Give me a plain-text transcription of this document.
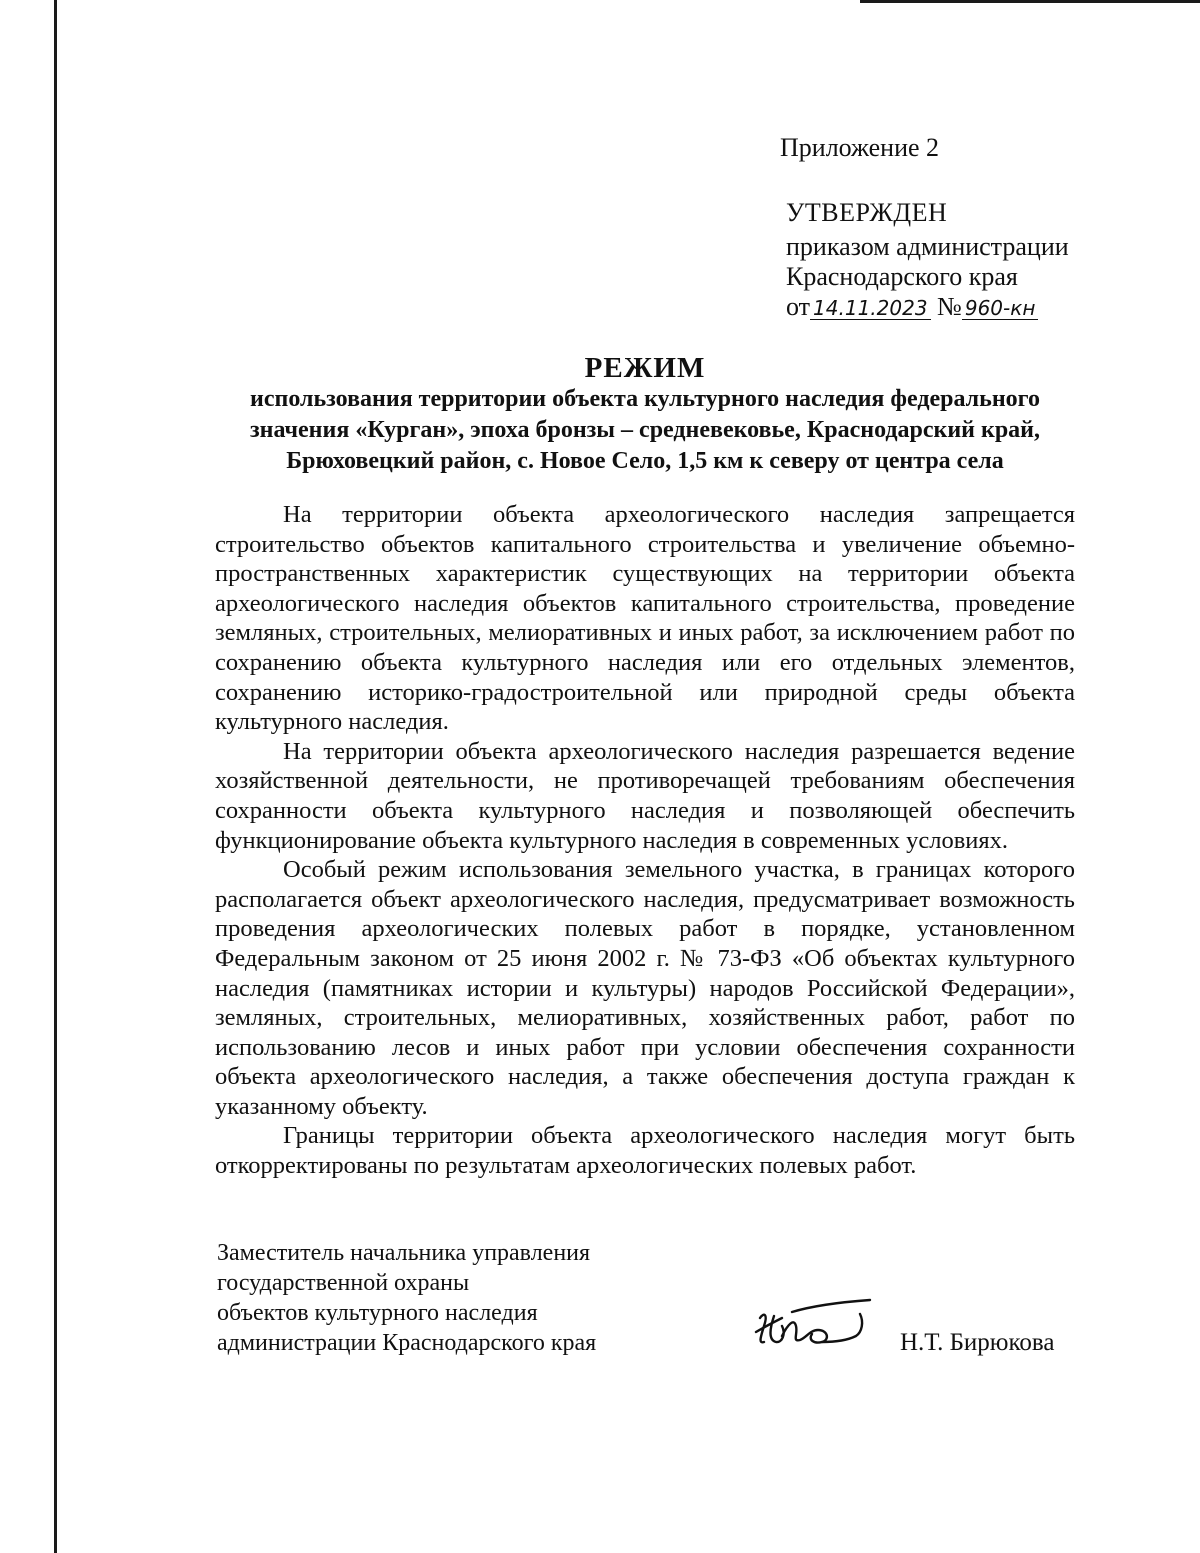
Приложение 2
УТВЕРЖДЕН
приказом администрации
Краснодарского края
от 14.11.2023 № 960-кн
РЕЖИМ
использования территории объекта культурного наследия федерального значения «Курган», эпоха бронзы – средневековье, Краснодарский край, Брюховецкий район, с. Новое Село, 1,5 км к северу от центра села

На территории объекта археологического наследия запрещается строительство объектов капитального строительства и увеличение объемно-пространственных характеристик существующих на территории объекта археологического наследия объектов капитального строительства, проведение земляных, строительных, мелиоративных и иных работ, за исключением работ по сохранению объекта культурного наследия или его отдельных элементов, сохранению историко-градостроительной или природной среды объекта культурного наследия.

На территории объекта археологического наследия разрешается ведение хозяйственной деятельности, не противоречащей требованиям обеспечения сохранности объекта культурного наследия и позволяющей обеспечить функционирование объекта культурного наследия в современных условиях.

Особый режим использования земельного участка, в границах которого располагается объект археологического наследия, предусматривает возможность проведения археологических полевых работ в порядке, установленном Федеральным законом от 25 июня 2002 г. № 73-ФЗ «Об объектах культурного наследия (памятниках истории и культуры) народов Российской Федерации», земляных, строительных, мелиоративных, хозяйственных работ, работ по использованию лесов и иных работ при условии обеспечения сохранности объекта археологического наследия, а также обеспечения доступа граждан к указанному объекту.

Границы территории объекта археологического наследия могут быть откорректированы по результатам археологических полевых работ.

Заместитель начальника управления
государственной охраны
объектов культурного наследия
администрации Краснодарского края	Н.Т. Бирюкова
